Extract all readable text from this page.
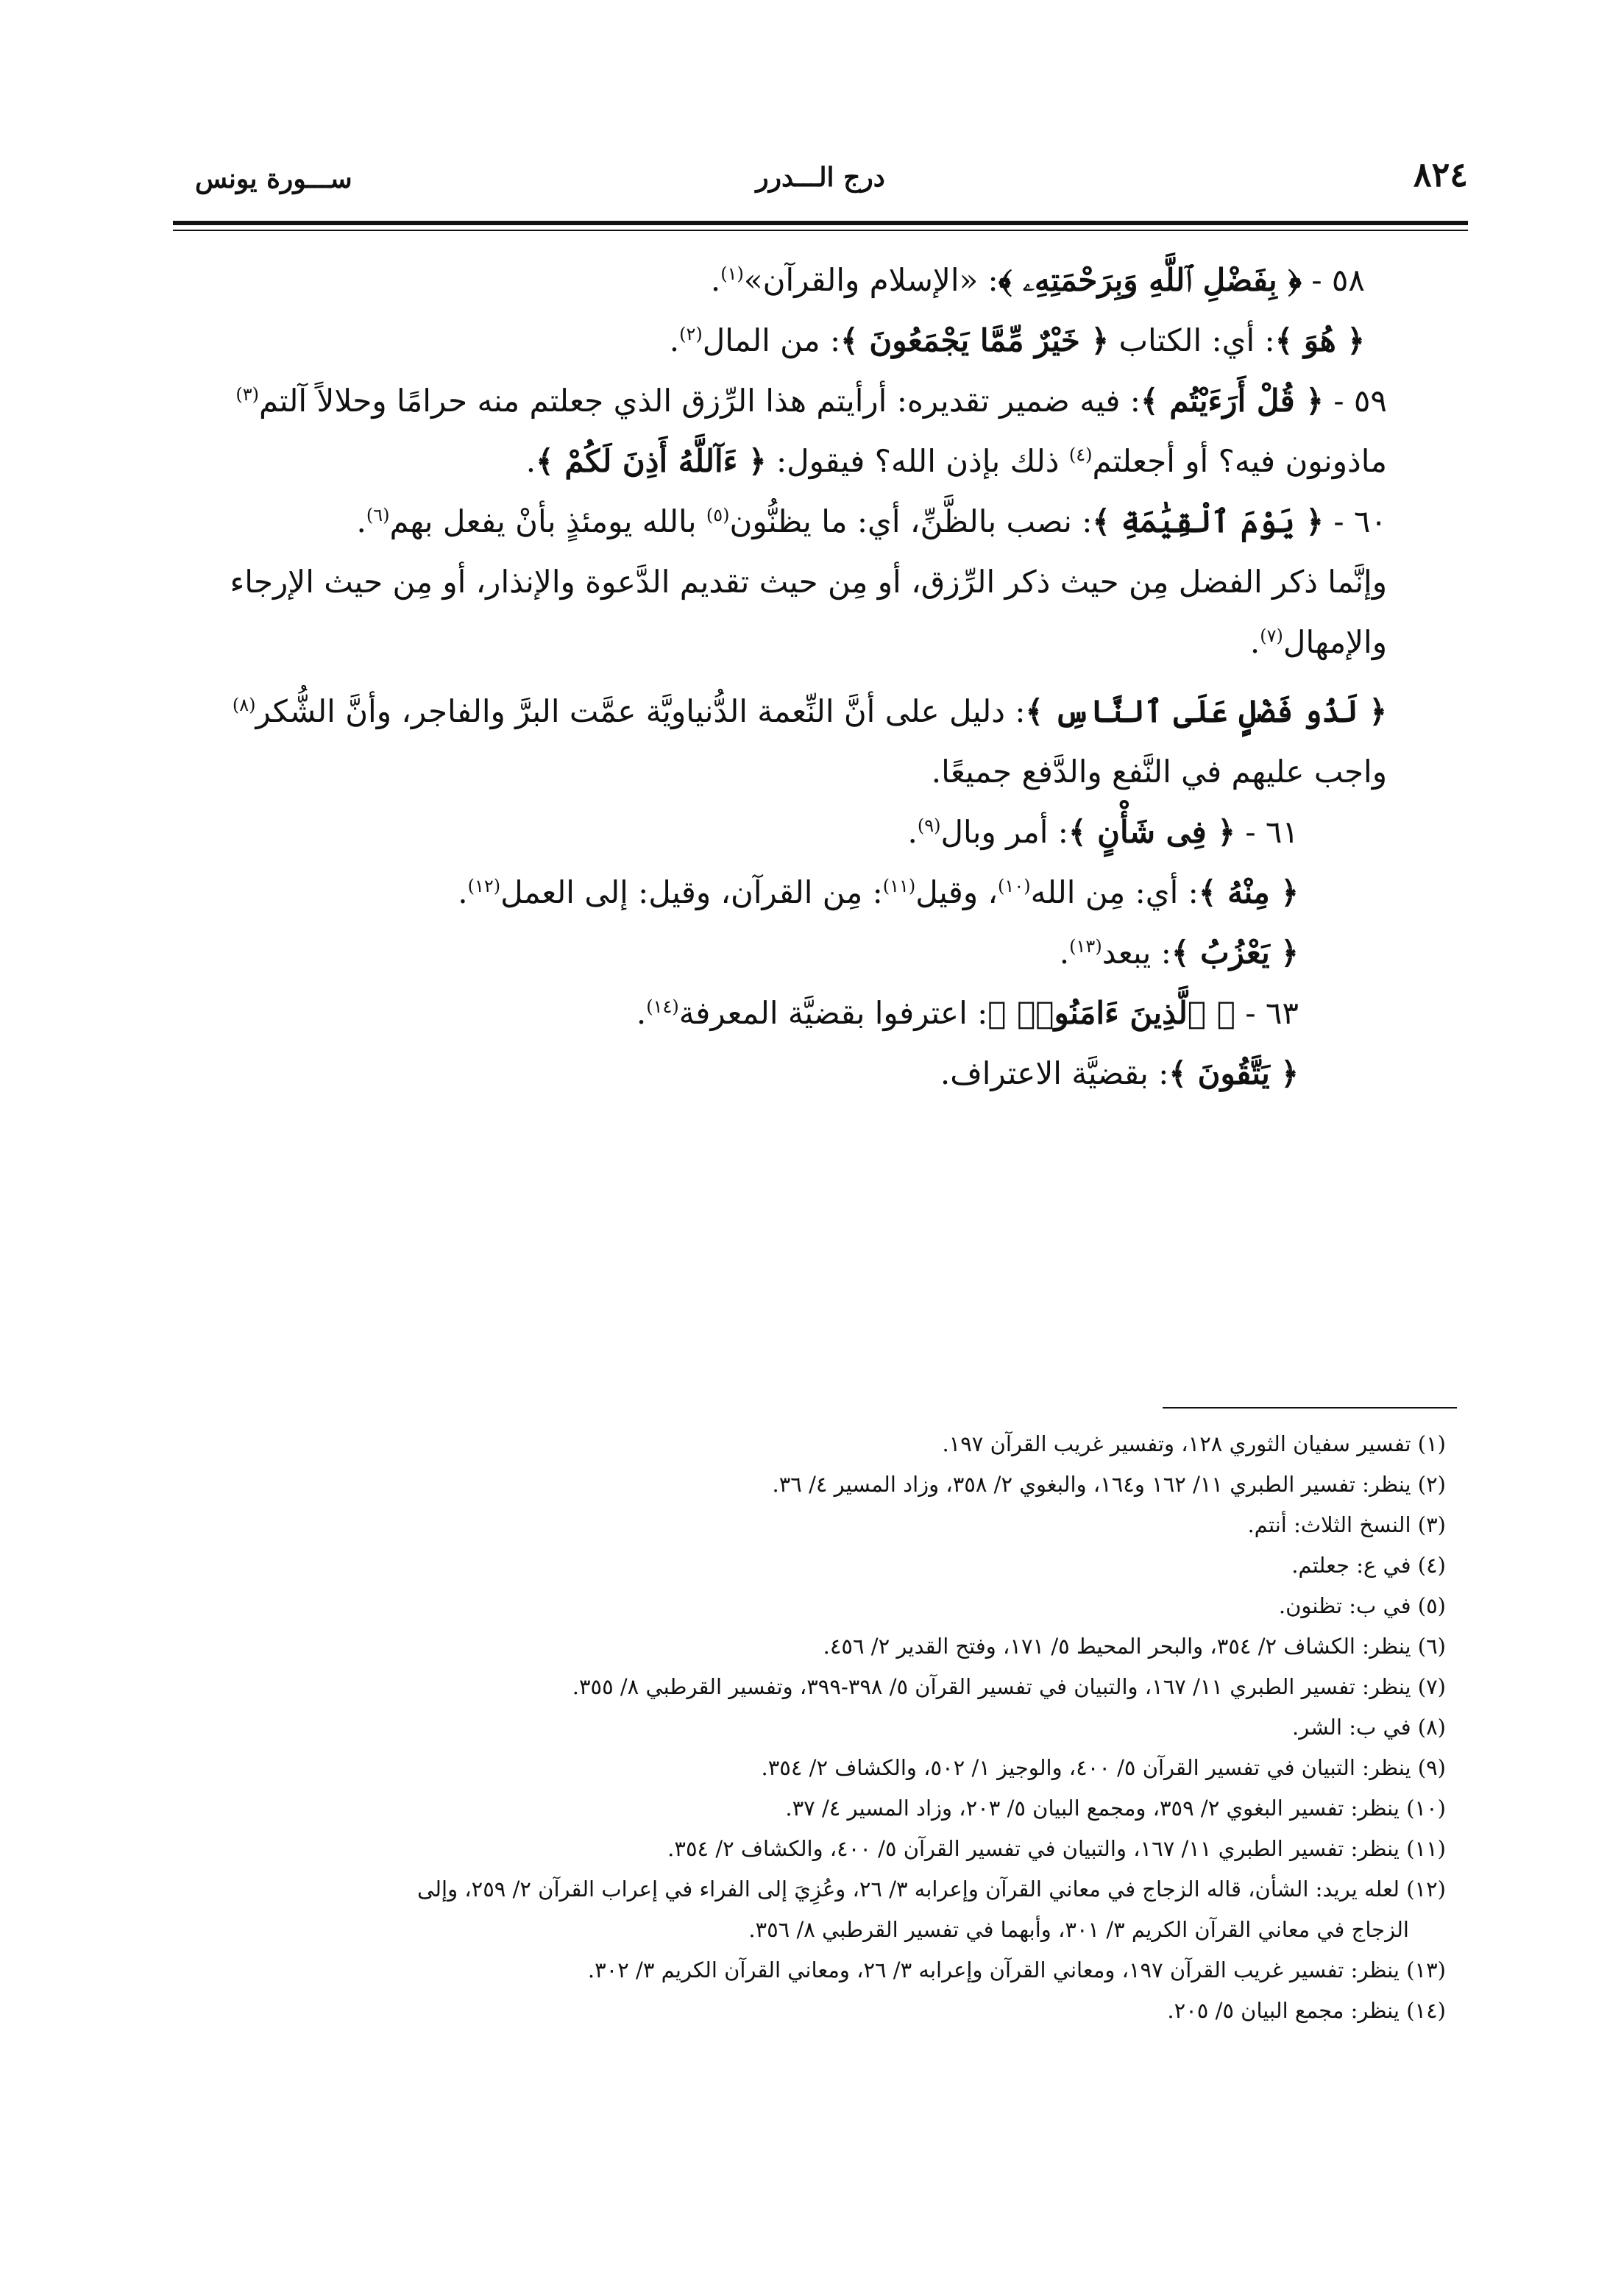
٨٢٤
درج الـــدرر
ســـورة يونس

٥٨ - ﴿ بِفَضْلِ ٱللَّهِ وَبِرَحْمَتِهِۦ ﴾: «الإسلام والقرآن»$^{(١)}$.

﴿ هُوَ ﴾: أي: الكتاب ﴿ خَيْرٌ مِّمَّا يَجْمَعُونَ ﴾: من المال$^{(٢)}$.

٥٩ - ﴿ قُلْ أَرَءَيْتُم ﴾: فيه ضمير تقديره: أرأيتم هذا الرِّزق الذي جعلتم منه حرامًا وحلالاً آلتم$^{(٣)}$ ماذونون فيه؟ أو أجعلتم$^{(٤)}$ ذلك بإذن الله؟ فيقول: ﴿ ءَآللَّهُ أَذِنَ لَكُمْ ﴾.

٦٠ - ﴿ يَوْمَ ٱلْقِيَٰمَةِ ﴾: نصب بالظَّنِّ، أي: ما يظنُّون$^{(٥)}$ بالله يومئذٍ بأنْ يفعل بهم$^{(٦)}$.

وإنَّما ذكر الفضل مِن حيث ذكر الرِّزق، أو مِن حيث تقديم الدَّعوة والإنذار، أو مِن حيث الإرجاء والإمهال$^{(٧)}$.

﴿ لَذُو فَضْلٍ عَلَى ٱلنَّاسِ ﴾: دليل على أنَّ النِّعمة الدُّنياويَّة عمَّت البرَّ والفاجر، وأنَّ الشُّكر$^{(٨)}$ واجب عليهم في النَّفع والدَّفع جميعًا.

٦١ - ﴿ فِى شَأْنٍ ﴾: أمر وبال$^{(٩)}$.

﴿ مِنْهُ ﴾: أي: مِن الله$^{(١٠)}$، وقيل$^{(١١)}$: مِن القرآن، وقيل: إلى العمل$^{(١٢)}$.

﴿ يَعْزُبُ ﴾: يبعد$^{(١٣)}$.

٦٣ - ﴿ ٱلَّذِينَ ءَامَنُوا۟ ﴾: اعترفوا بقضيَّة المعرفة$^{(١٤)}$.

﴿ يَتَّقُونَ ﴾: بقضيَّة الاعتراف.

(١) تفسير سفيان الثوري ١٢٨، وتفسير غريب القرآن ١٩٧.

(٢) ينظر: تفسير الطبري ١١/ ١٦٢ و١٦٤، والبغوي ٢/ ٣٥٨، وزاد المسير ٤/ ٣٦.

(٣) النسخ الثلاث: أنتم.

(٤) في ع: جعلتم.

(٥) في ب: تظنون.

(٦) ينظر: الكشاف ٢/ ٣٥٤، والبحر المحيط ٥/ ١٧١، وفتح القدير ٢/ ٤٥٦.

(٧) ينظر: تفسير الطبري ١١/ ١٦٧، والتبيان في تفسير القرآن ٥/ ٣٩٨-٣٩٩، وتفسير القرطبي ٨/ ٣٥٥.

(٨) في ب: الشر.

(٩) ينظر: التبيان في تفسير القرآن ٥/ ٤٠٠، والوجيز ١/ ٥٠٢، والكشاف ٢/ ٣٥٤.

(١٠) ينظر: تفسير البغوي ٢/ ٣٥٩، ومجمع البيان ٥/ ٢٠٣، وزاد المسير ٤/ ٣٧.

(١١) ينظر: تفسير الطبري ١١/ ١٦٧، والتبيان في تفسير القرآن ٥/ ٤٠٠، والكشاف ٢/ ٣٥٤.

(١٢) لعله يريد: الشأن، قاله الزجاج في معاني القرآن وإعرابه ٣/ ٢٦، وعُزِيَ إلى الفراء في إعراب القرآن ٢/ ٢٥٩، وإلى

الزجاج في معاني القرآن الكريم ٣/ ٣٠١، وأبهما في تفسير القرطبي ٨/ ٣٥٦.

(١٣) ينظر: تفسير غريب القرآن ١٩٧، ومعاني القرآن وإعرابه ٣/ ٢٦، ومعاني القرآن الكريم ٣/ ٣٠٢.

(١٤) ينظر: مجمع البيان ٥/ ٢٠٥.
